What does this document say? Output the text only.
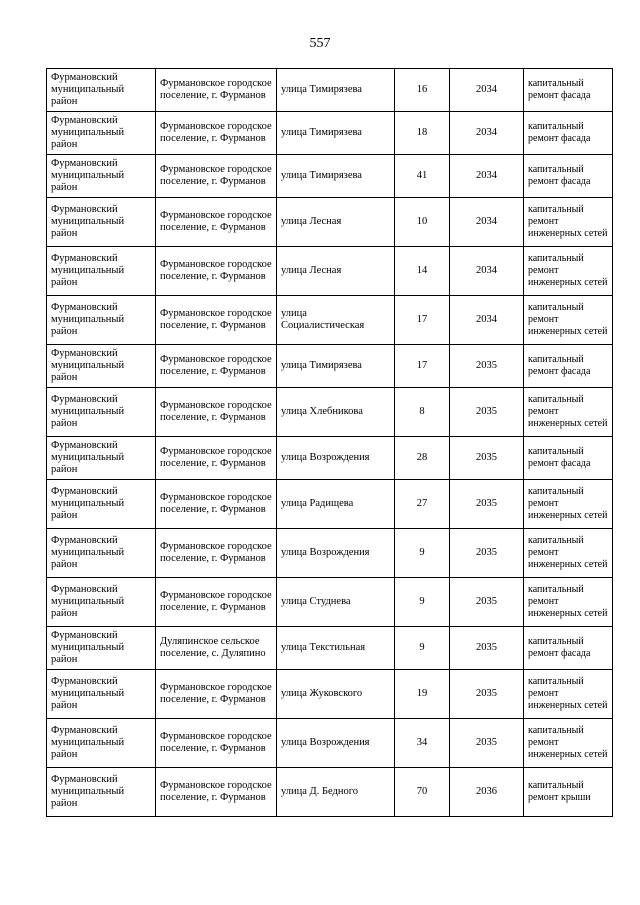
557
Фурмановский муниципальный район	Фурмановское городское поселение, г. Фурманов	улица Тимирязева	16	2034	капитальный ремонт фасада
Фурмановский муниципальный район	Фурмановское городское поселение, г. Фурманов	улица Тимирязева	18	2034	капитальный ремонт фасада
Фурмановский муниципальный район	Фурмановское городское поселение, г. Фурманов	улица Тимирязева	41	2034	капитальный ремонт фасада
Фурмановский муниципальный район	Фурмановское городское поселение, г. Фурманов	улица Лесная	10	2034	капитальный ремонт инженерных сетей
Фурмановский муниципальный район	Фурмановское городское поселение, г. Фурманов	улица Лесная	14	2034	капитальный ремонт инженерных сетей
Фурмановский муниципальный район	Фурмановское городское поселение, г. Фурманов	улица Социалистическая	17	2034	капитальный ремонт инженерных сетей
Фурмановский муниципальный район	Фурмановское городское поселение, г. Фурманов	улица Тимирязева	17	2035	капитальный ремонт фасада
Фурмановский муниципальный район	Фурмановское городское поселение, г. Фурманов	улица Хлебникова	8	2035	капитальный ремонт инженерных сетей
Фурмановский муниципальный район	Фурмановское городское поселение, г. Фурманов	улица Возрождения	28	2035	капитальный ремонт фасада
Фурмановский муниципальный район	Фурмановское городское поселение, г. Фурманов	улица Радищева	27	2035	капитальный ремонт инженерных сетей
Фурмановский муниципальный район	Фурмановское городское поселение, г. Фурманов	улица Возрождения	9	2035	капитальный ремонт инженерных сетей
Фурмановский муниципальный район	Фурмановское городское поселение, г. Фурманов	улица Студнева	9	2035	капитальный ремонт инженерных сетей
Фурмановский муниципальный район	Дуляпинское сельское поселение, с. Дуляпино	улица Текстильная	9	2035	капитальный ремонт фасада
Фурмановский муниципальный район	Фурмановское городское поселение, г. Фурманов	улица Жуковского	19	2035	капитальный ремонт инженерных сетей
Фурмановский муниципальный район	Фурмановское городское поселение, г. Фурманов	улица Возрождения	34	2035	капитальный ремонт инженерных сетей
Фурмановский муниципальный район	Фурмановское городское поселение, г. Фурманов	улица Д. Бедного	70	2036	капитальный ремонт крыши
